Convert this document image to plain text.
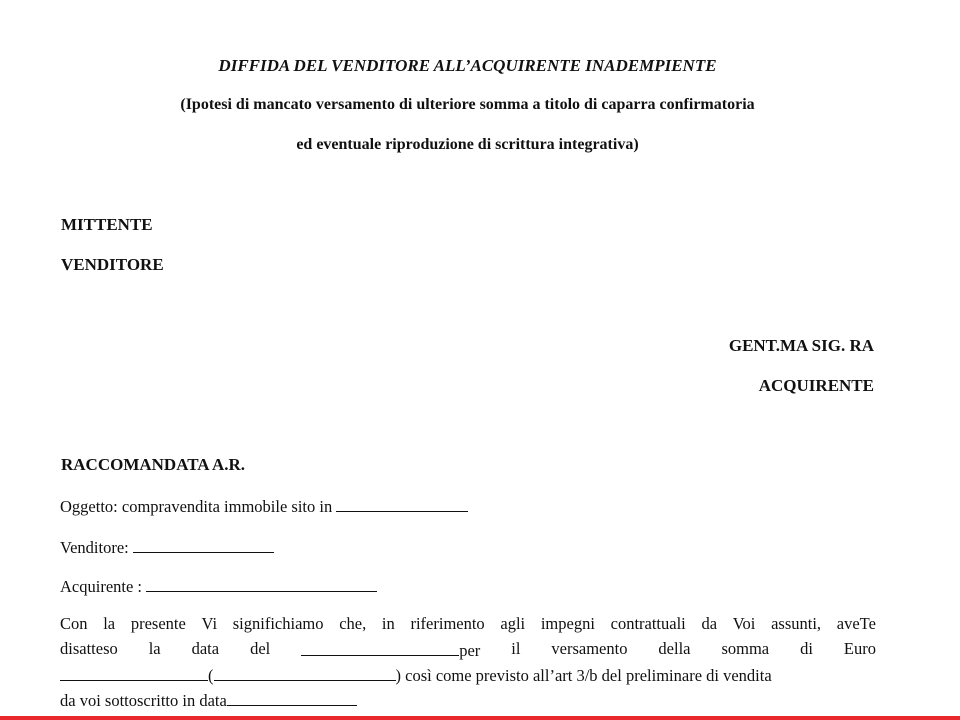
DIFFIDA DEL VENDITORE ALL’ACQUIRENTE INADEMPIENTE
(Ipotesi di mancato versamento di ulteriore somma a titolo di caparra confirmatoria
ed eventuale riproduzione di scrittura integrativa)
MITTENTE
VENDITORE
GENT.MA SIG. RA
ACQUIRENTE
RACCOMANDATA A.R.
Oggetto: compravendita immobile sito in
Venditore:
Acquirente :
Con la presente Vi significhiamo che, in riferimento agli impegni contrattuali da Voi assunti, aveTe
disatteso la data del	per il versamento della somma di Euro
(	) così come previsto all’art 3/b del preliminare di vendita
da voi sottoscritto in data
